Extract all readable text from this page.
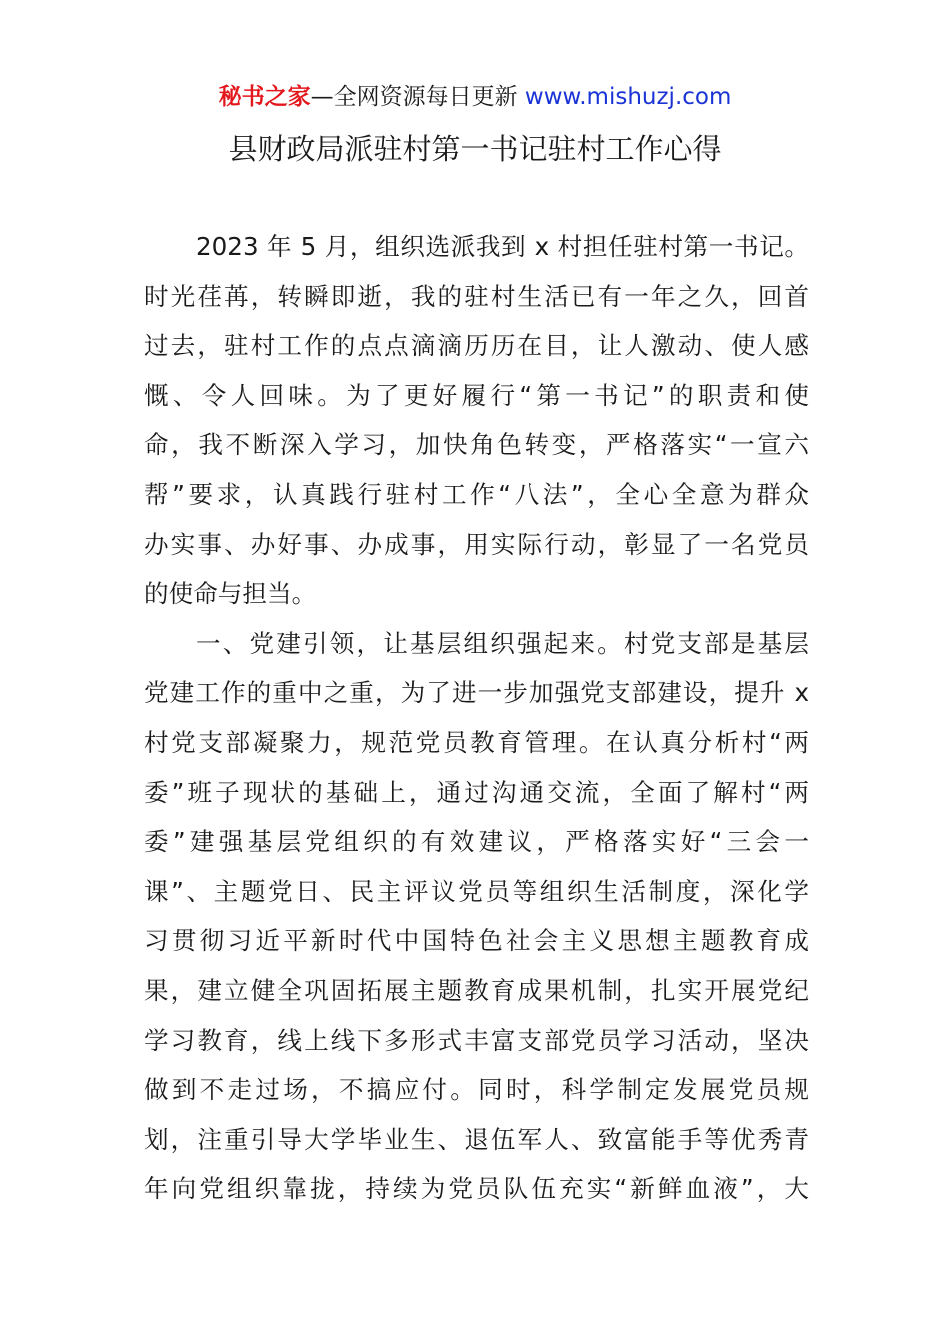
秘书之家—全网资源每日更新 www.mishuzj.com
县财政局派驻村第一书记驻村工作心得
2023 年 5 月，组织选派我到 x 村担任驻村第一书记。
时光荏苒，转瞬即逝，我的驻村生活已有一年之久，回首
过去，驻村工作的点点滴滴历历在目，让人激动、使人感
慨、令人回味。为了更好履行“第一书记”的职责和使
命，我不断深入学习，加快角色转变，严格落实“一宣六
帮”要求，认真践行驻村工作“八法”，全心全意为群众
办实事、办好事、办成事，用实际行动，彰显了一名党员
的使命与担当。
一、党建引领，让基层组织强起来。村党支部是基层
党建工作的重中之重，为了进一步加强党支部建设，提升 x
村党支部凝聚力，规范党员教育管理。在认真分析村“两
委”班子现状的基础上，通过沟通交流，全面了解村“两
委”建强基层党组织的有效建议，严格落实好“三会一
课”、主题党日、民主评议党员等组织生活制度，深化学
习贯彻习近平新时代中国特色社会主义思想主题教育成
果，建立健全巩固拓展主题教育成果机制，扎实开展党纪
学习教育，线上线下多形式丰富支部党员学习活动，坚决
做到不走过场，不搞应付。同时，科学制定发展党员规
划，注重引导大学毕业生、退伍军人、致富能手等优秀青
年向党组织靠拢，持续为党员队伍充实“新鲜血液”，大
